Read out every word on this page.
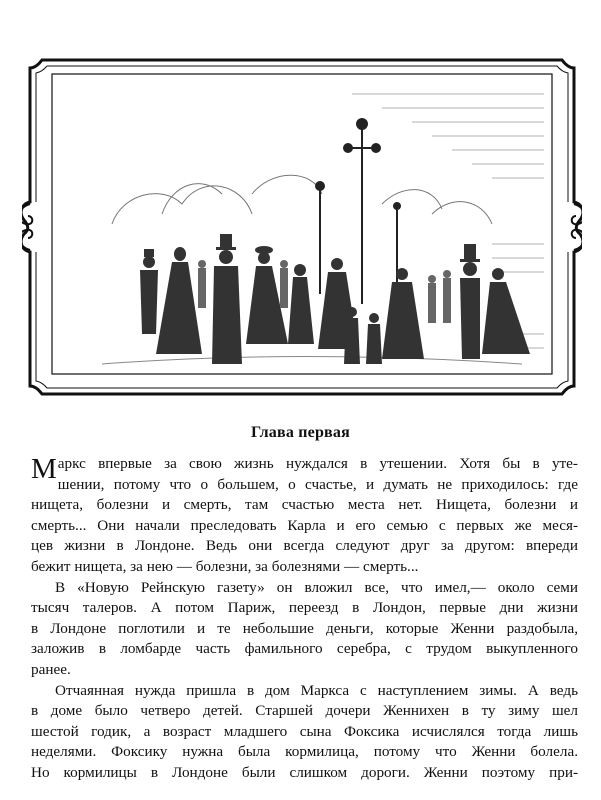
Глава первая

М аркс впервые за свою жизнь нуждался в утешении. Хотя бы в уте-
шении, потому что о большем, о счастье, и думать не приходилось: где
нищета, болезни и смерть, там счастью места нет. Нищета, болезни и
смерть... Они начали преследовать Карла и его семью с первых же меся-
цев жизни в Лондоне. Ведь они всегда следуют друг за другом: впереди
бежит нищета, за нею — болезни, за болезнями — смерть...

В «Новую Рейнскую газету» он вложил все, что имел,— около семи
тысяч талеров. А потом Париж, переезд в Лондон, первые дни жизни
в Лондоне поглотили и те небольшие деньги, которые Женни раздобыла,
заложив в ломбарде часть фамильного серебра, с трудом выкупленного
ранее.

Отчаянная нужда пришла в дом Маркса с наступлением зимы. А ведь
в доме было четверо детей. Старшей дочери Женнихен в ту зиму шел
шестой годик, а возраст младшего сына Фоксика исчислялся тогда лишь
неделями. Фоксику нужна была кормилица, потому что Женни болела.
Но кормилицы в Лондоне были слишком дороги. Женни поэтому при-
